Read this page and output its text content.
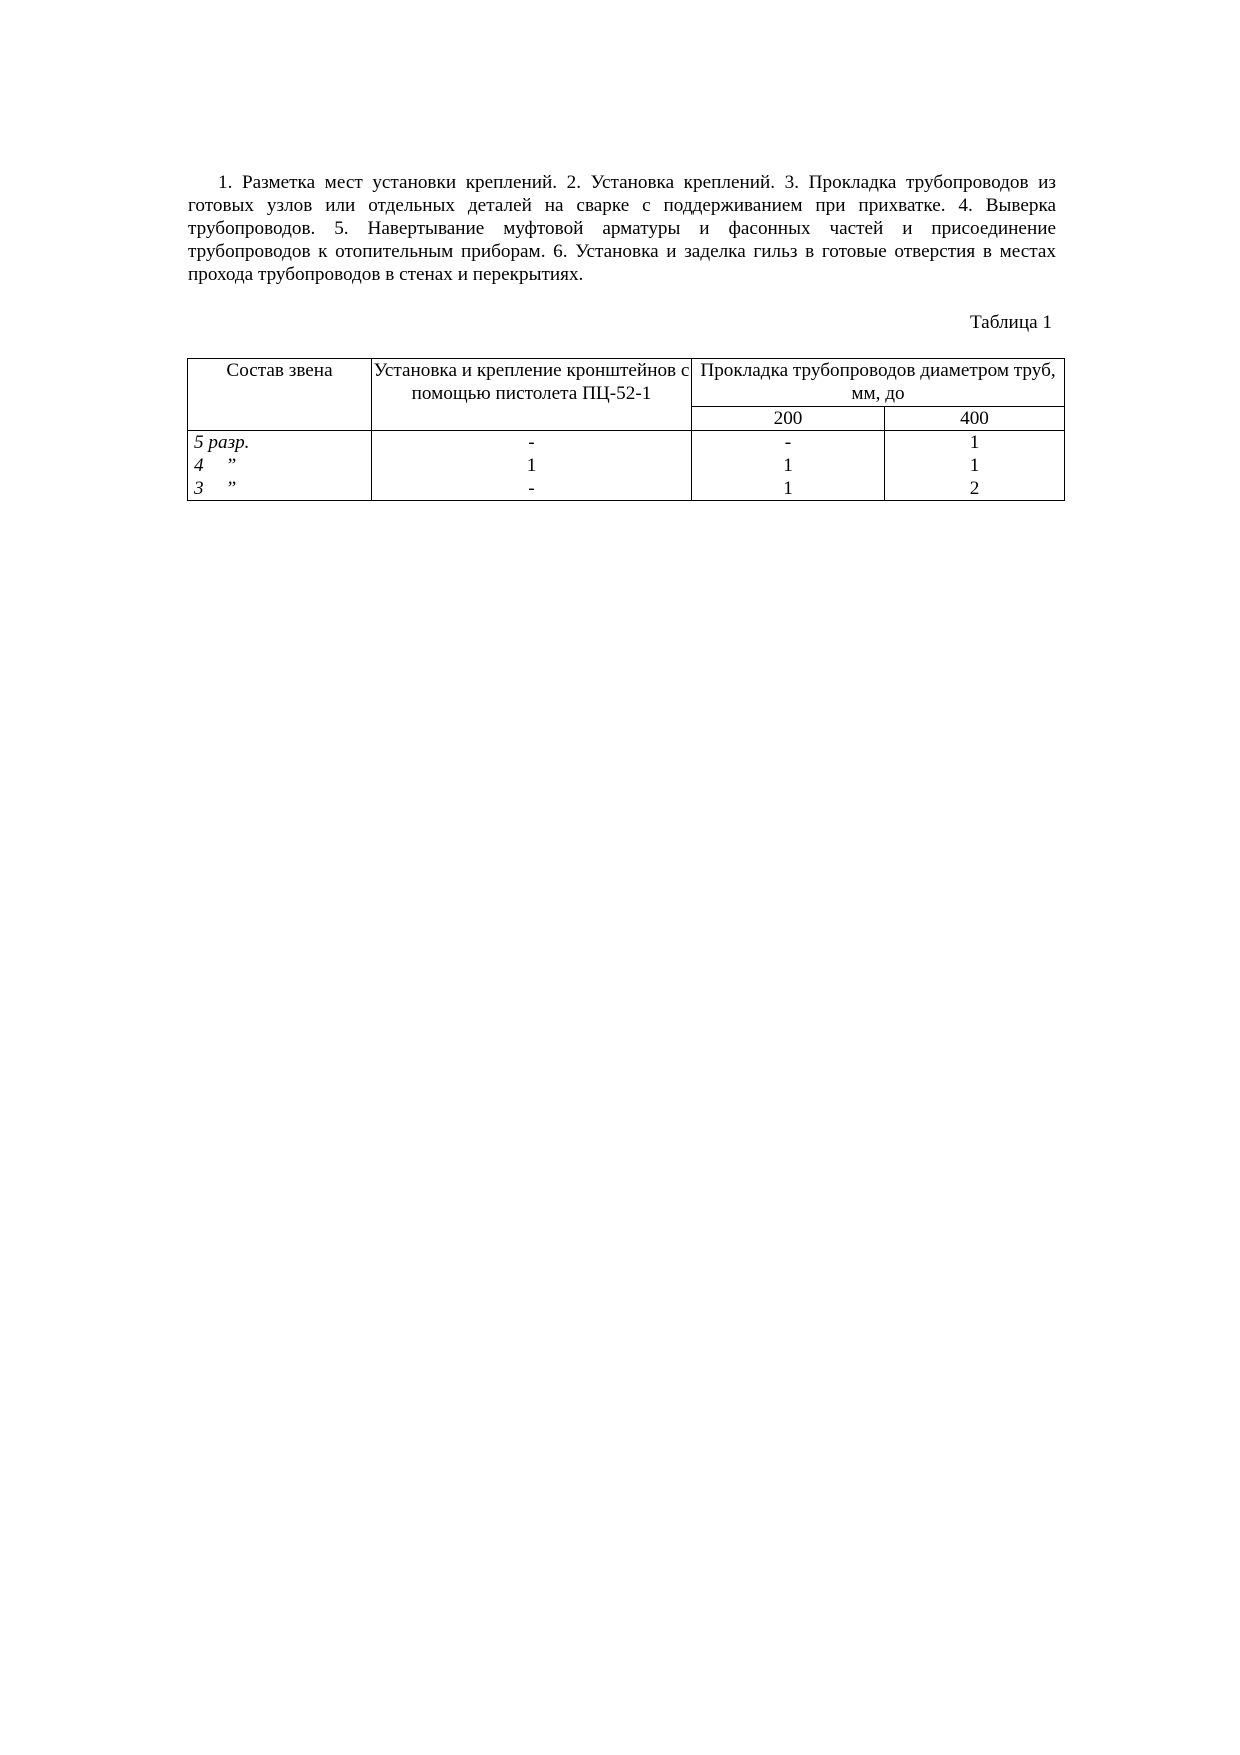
1. Разметка мест установки креплений. 2. Установка креплений. 3. Прокладка трубопроводов из готовых узлов или отдельных деталей на сварке с поддерживанием при прихватке. 4. Выверка трубопроводов. 5. Навертывание муфтовой арматуры и фасонных частей и присоединение трубопроводов к отопительным приборам. 6. Установка и заделка гильз в готовые отверстия в местах прохода трубопроводов в стенах и перекрытиях.

Таблица 1

Состав звена	Установка и крепление кронштейнов с помощью пистолета ПЦ-52-1	Прокладка трубопроводов диаметром труб, мм, до	
		200	400
5 разр.	-	-	1
4 ”	1	1	1
3 ”	-	1	2
